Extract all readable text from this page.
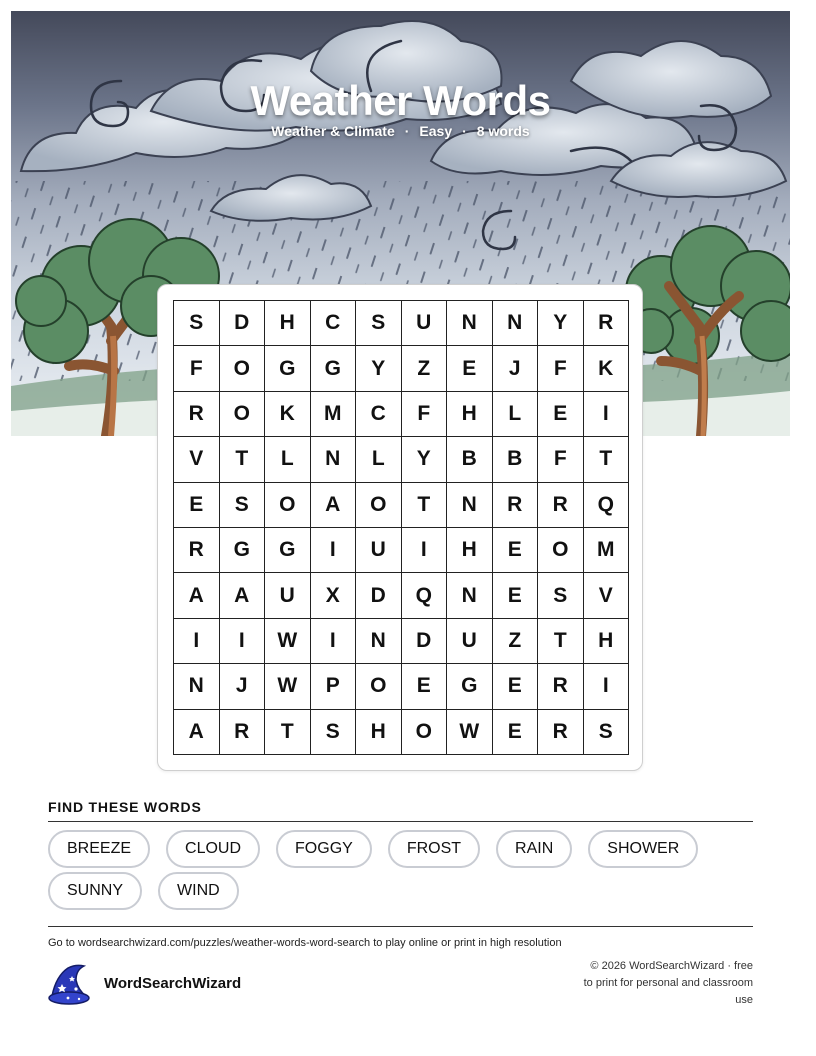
Weather Words
Weather & Climate · Easy · 8 words
S	D	H	C	S	U	N	N	Y	R
F	O	G	G	Y	Z	E	J	F	K
R	O	K	M	C	F	H	L	E	I
V	T	L	N	L	Y	B	B	F	T
E	S	O	A	O	T	N	R	R	Q
R	G	G	I	U	I	H	E	O	M
A	A	U	X	D	Q	N	E	S	V
I	I	W	I	N	D	U	Z	T	H
N	J	W	P	O	E	G	E	R	I
A	R	T	S	H	O	W	E	R	S
FIND THESE WORDS
BREEZE	CLOUD	FOGGY	FROST	RAIN	SHOWER
SUNNY	WIND
Go to wordsearchwizard.com/puzzles/weather-words-word-search to play online or print in high resolution
WordSearchWizard
© 2026 WordSearchWizard · free to print for personal and classroom use
